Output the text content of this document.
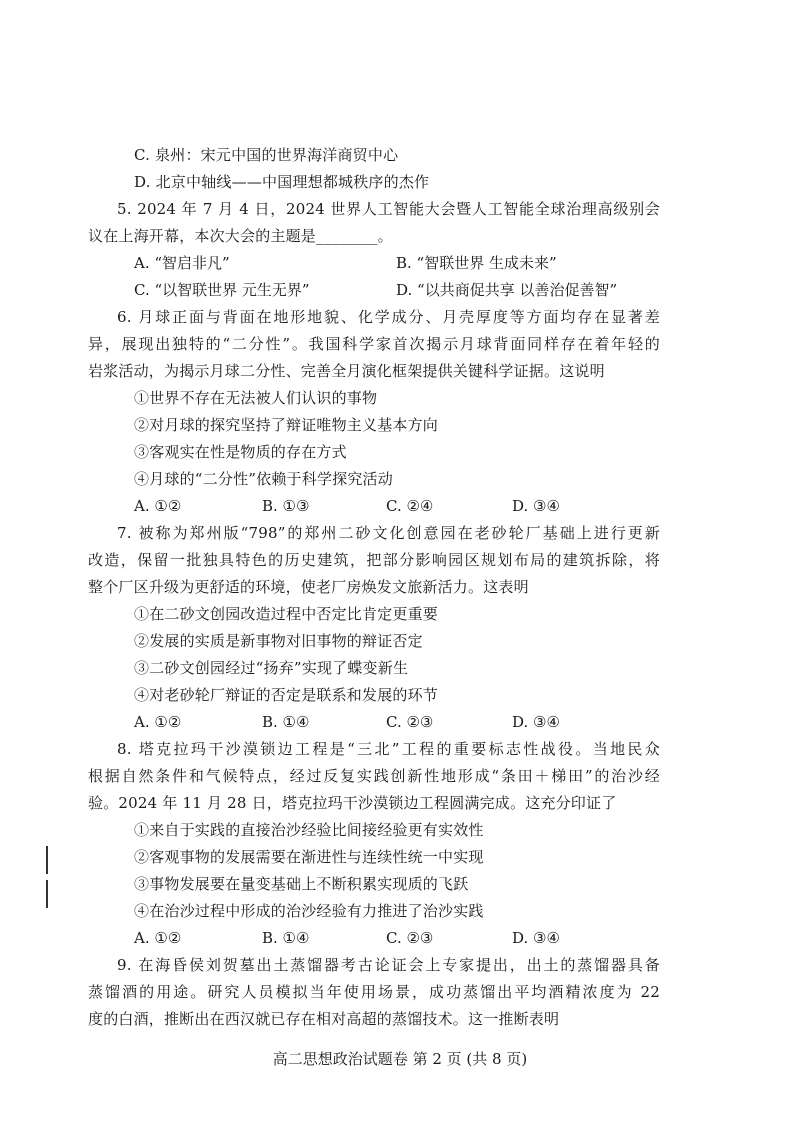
C. 泉州：宋元中国的世界海洋商贸中心
D. 北京中轴线——中国理想都城秩序的杰作
5. 2024 年 7 月 4 日，2024 世界人工智能大会暨人工智能全球治理高级别会
议在上海开幕，本次大会的主题是________。
A. “智启非凡”	B. “智联世界 生成未来”
C. “以智联世界 元生无界”	D. “以共商促共享 以善治促善智”
6. 月球正面与背面在地形地貌、化学成分、月壳厚度等方面均存在显著差
异，展现出独特的“二分性”。我国科学家首次揭示月球背面同样存在着年轻的
岩浆活动，为揭示月球二分性、完善全月演化框架提供关键科学证据。这说明
①世界不存在无法被人们认识的事物
②对月球的探究坚持了辩证唯物主义基本方向
③客观实在性是物质的存在方式
④月球的“二分性”依赖于科学探究活动
A. ①②	B. ①③	C. ②④	D. ③④
7. 被称为郑州版“798”的郑州二砂文化创意园在老砂轮厂基础上进行更新
改造，保留一批独具特色的历史建筑，把部分影响园区规划布局的建筑拆除，将
整个厂区升级为更舒适的环境，使老厂房焕发文旅新活力。这表明
①在二砂文创园改造过程中否定比肯定更重要
②发展的实质是新事物对旧事物的辩证否定
③二砂文创园经过“扬弃”实现了蝶变新生
④对老砂轮厂辩证的否定是联系和发展的环节
A. ①②	B. ①④	C. ②③	D. ③④
8. 塔克拉玛干沙漠锁边工程是“三北”工程的重要标志性战役。当地民众
根据自然条件和气候特点，经过反复实践创新性地形成“条田＋梯田”的治沙经
验。2024 年 11 月 28 日，塔克拉玛干沙漠锁边工程圆满完成。这充分印证了
①来自于实践的直接治沙经验比间接经验更有实效性
②客观事物的发展需要在渐进性与连续性统一中实现
③事物发展要在量变基础上不断积累实现质的飞跃
④在治沙过程中形成的治沙经验有力推进了治沙实践
A. ①②	B. ①④	C. ②③	D. ③④
9. 在海昏侯刘贺墓出土蒸馏器考古论证会上专家提出，出土的蒸馏器具备
蒸馏酒的用途。研究人员模拟当年使用场景，成功蒸馏出平均酒精浓度为 22
度的白酒，推断出在西汉就已存在相对高超的蒸馏技术。这一推断表明
高二思想政治试题卷 第 2 页 (共 8 页)
